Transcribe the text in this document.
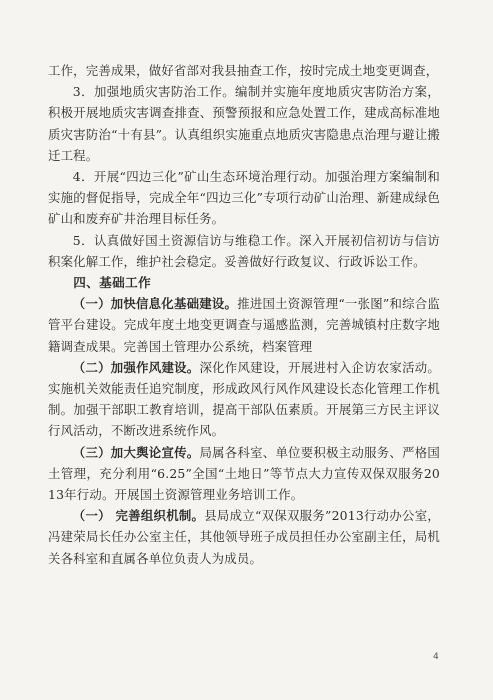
工作，完善成果，做好省部对我县抽查工作，按时完成土地变更调查，

3．加强地质灾害防治工作。编制并实施年度地质灾害防治方案，积极开展地质灾害调查排查、预警预报和应急处置工作，建成高标准地质灾害防治“十有县”。认真组织实施重点地质灾害隐患点治理与避让搬迁工程。

4．开展“四边三化”矿山生态环境治理行动。加强治理方案编制和实施的督促指导，完成全年“四边三化”专项行动矿山治理、新建成绿色矿山和废弃矿井治理目标任务。

5．认真做好国土资源信访与维稳工作。深入开展初信初访与信访积案化解工作，维护社会稳定。妥善做好行政复议、行政诉讼工作。

四、基础工作

（一）加快信息化基础建设。推进国土资源管理“一张图”和综合监管平台建设。完成年度土地变更调查与遥感监测，完善城镇村庄数字地籍调查成果。完善国土管理办公系统，档案管理

（二）加强作风建设。深化作风建设，开展进村入企访农家活动。实施机关效能责任追究制度，形成政风行风作风建设长态化管理工作机制。加强干部职工教育培训，提高干部队伍素质。开展第三方民主评议行风活动，不断改进系统作风。

（三）加大舆论宣传。局属各科室、单位要积极主动服务、严格国土管理，充分利用“6.25”全国“土地日”等节点大力宣传双保双服务2013年行动。开展国土资源管理业务培训工作。

（一） 完善组织机制。县局成立“双保双服务”2013行动办公室，冯建荣局长任办公室主任，其他领导班子成员担任办公室副主任，局机关各科室和直属各单位负责人为成员。

4
